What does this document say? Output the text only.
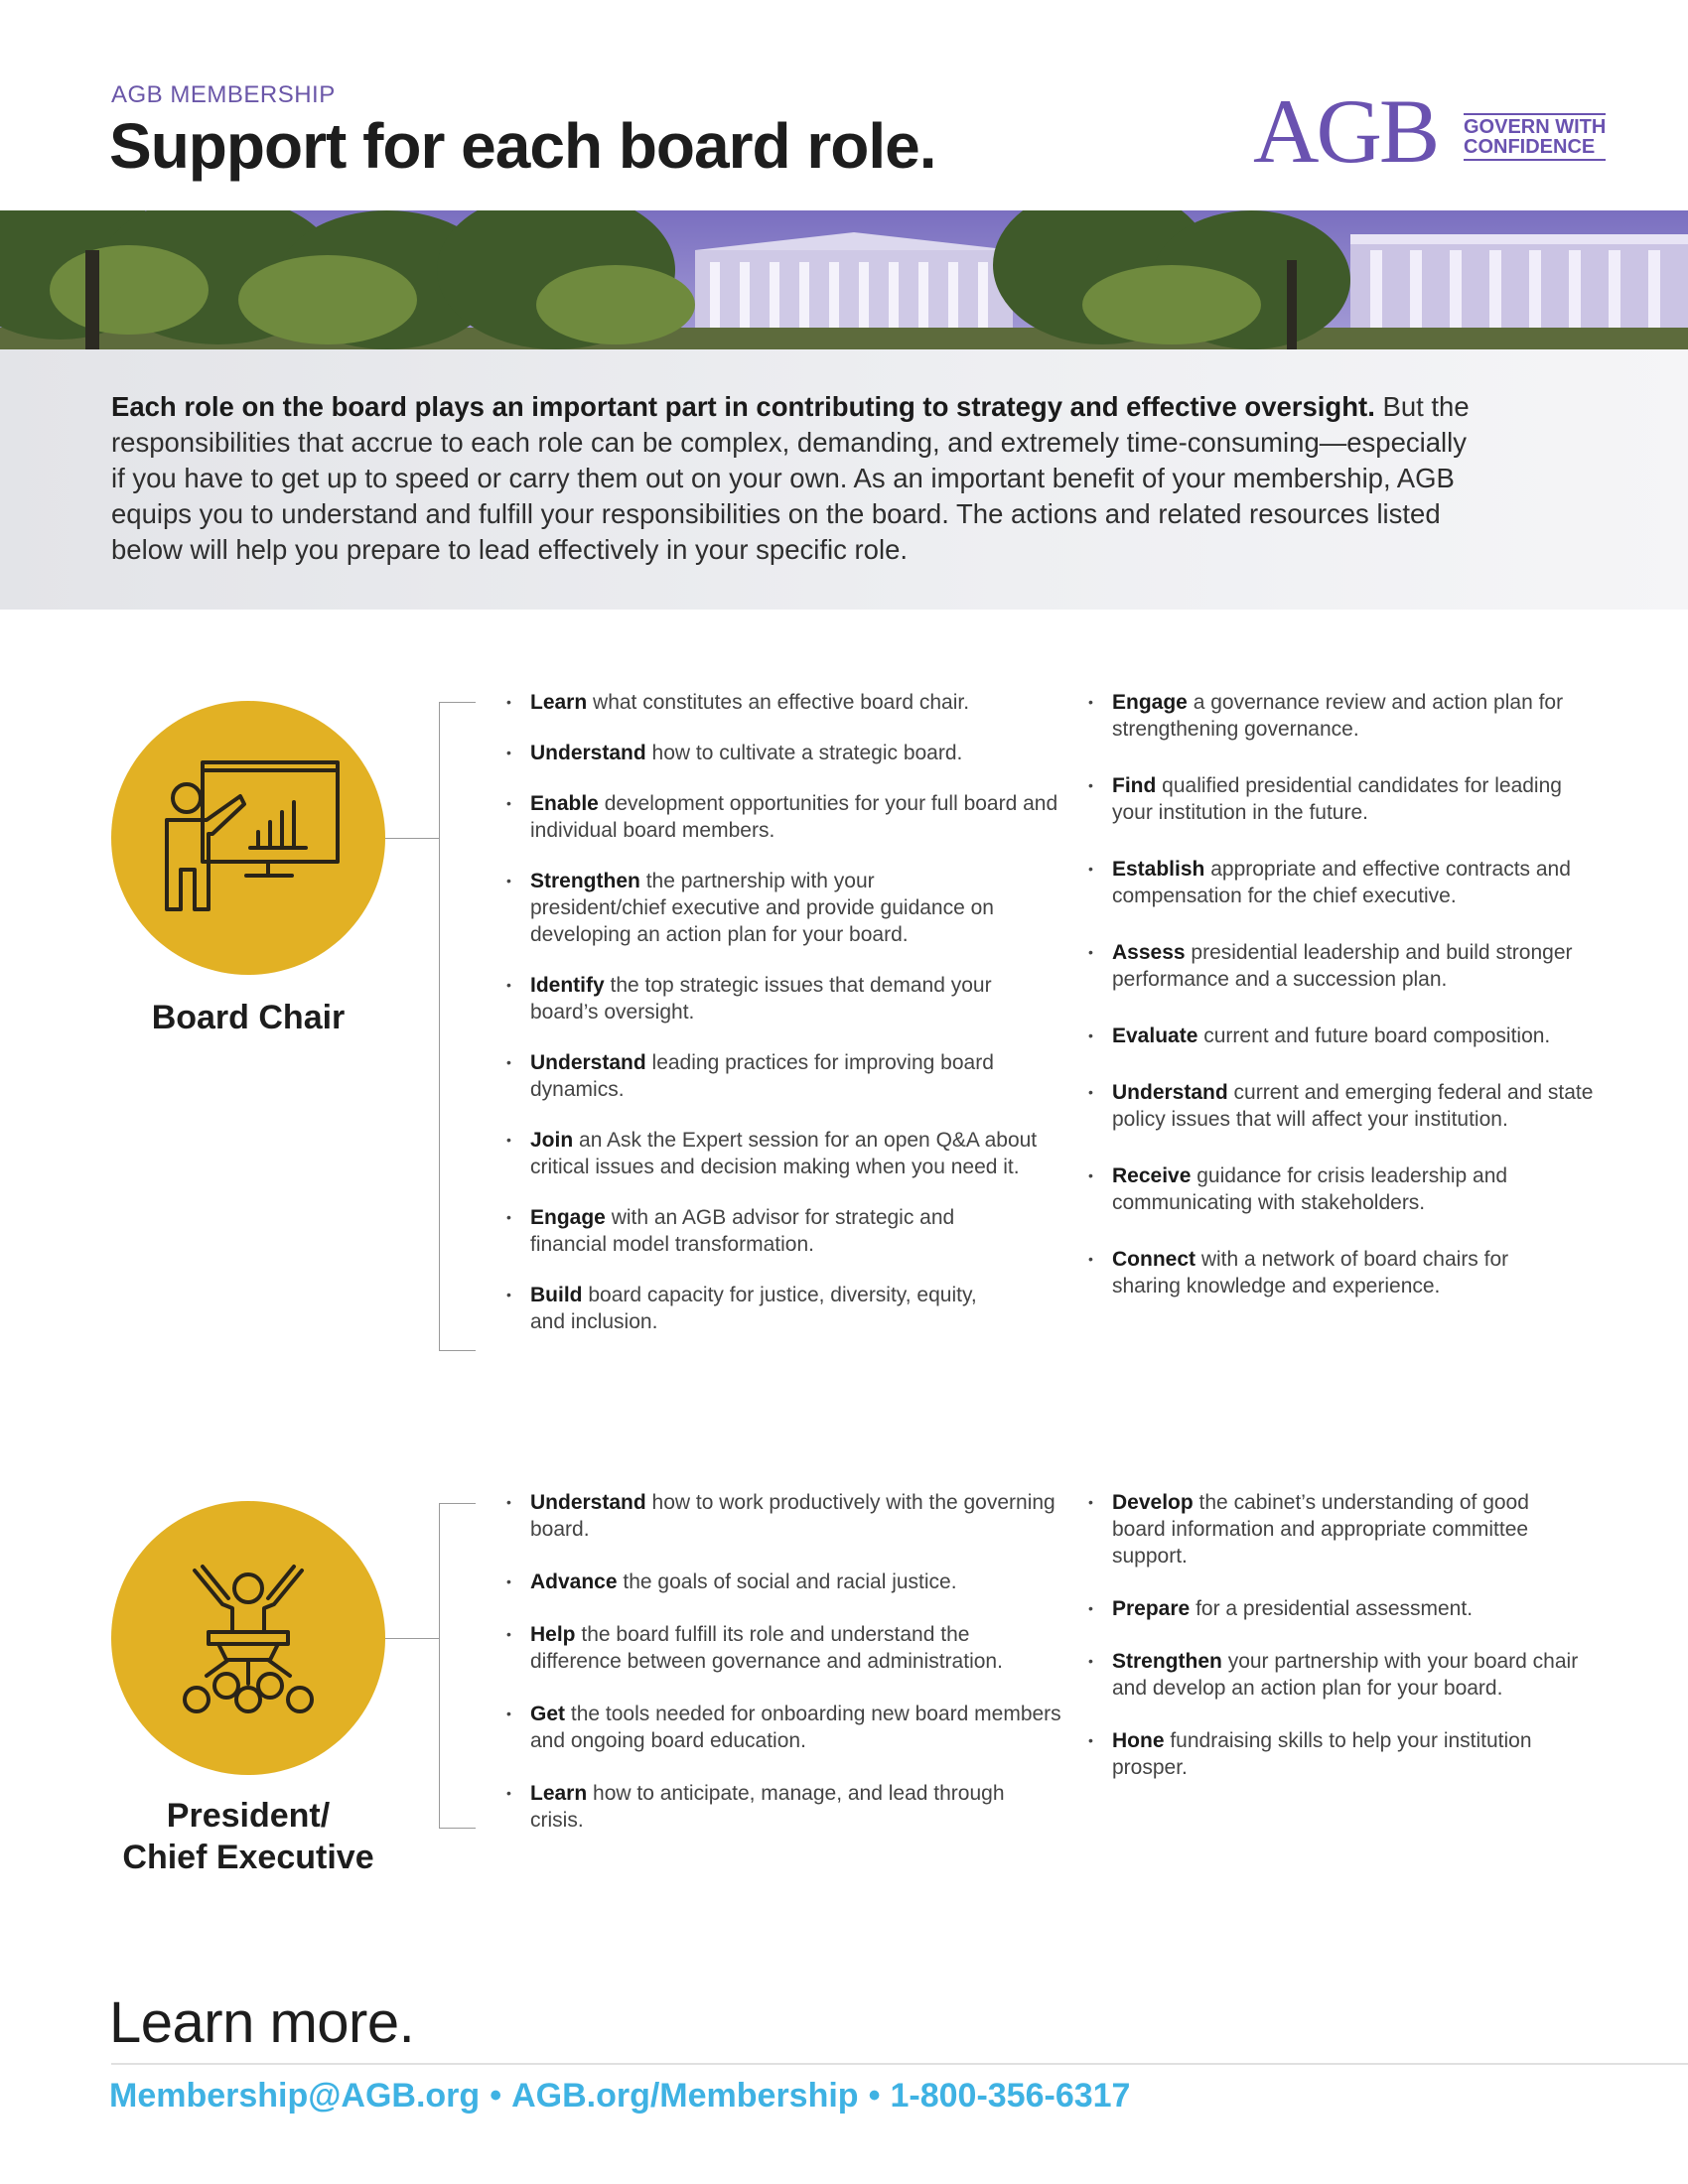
AGB MEMBERSHIP
Support for each board role.	AGB GOVERN WITH
CONFIDENCE
Each role on the board plays an important part in contributing to strategy and effective oversight. But the
responsibilities that accrue to each role can be complex, demanding, and extremely time-consuming—especially
if you have to get up to speed or carry them out on your own. As an important benefit of your membership, AGB
equips you to understand and fulfill your responsibilities on the board. The actions and related resources listed
below will help you prepare to lead effectively in your specific role.
Board Chair
• Learn what constitutes an effective board chair.
• Understand how to cultivate a strategic board.
• Enable development opportunities for your full board and individual board members.
• Strengthen the partnership with your president/chief executive and provide guidance on developing an action plan for your board.
• Identify the top strategic issues that demand your board’s oversight.
• Understand leading practices for improving board dynamics.
• Join an Ask the Expert session for an open Q&A about critical issues and decision making when you need it.
• Engage with an AGB advisor for strategic and financial model transformation.
• Build board capacity for justice, diversity, equity, and inclusion.
• Engage a governance review and action plan for strengthening governance.
• Find qualified presidential candidates for leading your institution in the future.
• Establish appropriate and effective contracts and compensation for the chief executive.
• Assess presidential leadership and build stronger performance and a succession plan.
• Evaluate current and future board composition.
• Understand current and emerging federal and state policy issues that will affect your institution.
• Receive guidance for crisis leadership and communicating with stakeholders.
• Connect with a network of board chairs for sharing knowledge and experience.
President/
Chief Executive
• Understand how to work productively with the governing board.
• Advance the goals of social and racial justice.
• Help the board fulfill its role and understand the difference between governance and administration.
• Get the tools needed for onboarding new board members and ongoing board education.
• Learn how to anticipate, manage, and lead through crisis.
• Develop the cabinet’s understanding of good board information and appropriate committee support.
• Prepare for a presidential assessment.
• Strengthen your partnership with your board chair and develop an action plan for your board.
• Hone fundraising skills to help your institution prosper.
Learn more.
Membership@AGB.org • AGB.org/Membership • 1-800-356-6317
